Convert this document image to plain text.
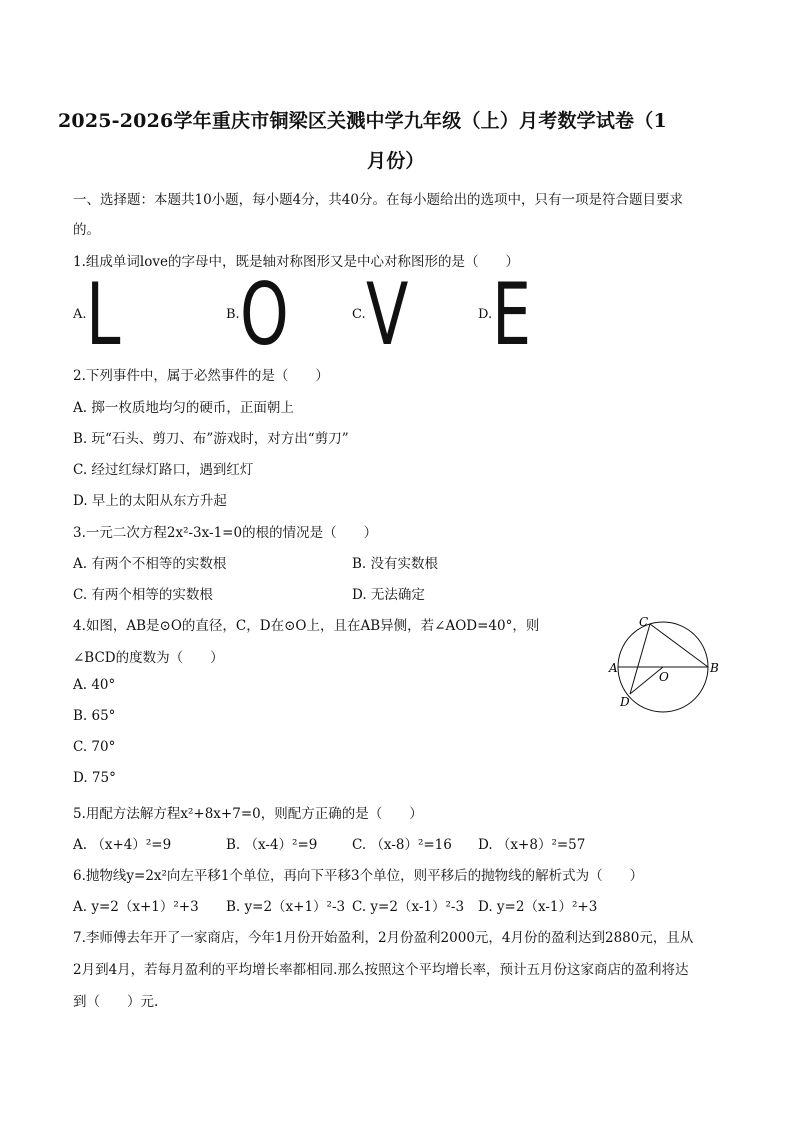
2025-2026学年重庆市铜梁区关溅中学九年级（上）月考数学试卷（1
月份）
一、选择题：本题共10小题，每小题4分，共40分。在每小题给出的选项中，只有一项是符合题目要求
的。
1.组成单词love的字母中，既是轴对称图形又是中心对称图形的是（　　）
A. L	B. O	C. V	D. E
2.下列事件中，属于必然事件的是（　　）
A. 掷一枚质地均匀的硬币，正面朝上
B. 玩“石头、剪刀、布”游戏时，对方出“剪刀”
C. 经过红绿灯路口，遇到红灯
D. 早上的太阳从东方升起
3.一元二次方程2x²-3x-1=0的根的情况是（　　）
A. 有两个不相等的实数根	B. 没有实数根
C. 有两个相等的实数根	D. 无法确定
4.如图，AB是⊙O的直径，C，D在⊙O上，且在AB异侧，若∠AOD=40°，则
∠BCD的度数为（　　）
A. 40°
B. 65°
C. 70°
D. 75°
C
A	B
O
D
5.用配方法解方程x²+8x+7=0，则配方正确的是（　　）
A. （x+4）²=9	B. （x-4）²=9	C. （x-8）²=16 D. （x+8）²=57
6.抛物线y=2x²向左平移1个单位，再向下平移3个单位，则平移后的抛物线的解析式为（　　）
A. y=2（x+1）²+3 B. y=2（x+1）²-3 C. y=2（x-1）²-3 D. y=2（x-1）²+3
7.李师傅去年开了一家商店，今年1月份开始盈利，2月份盈利2000元，4月份的盈利达到2880元，且从
2月到4月，若每月盈利的平均增长率都相同.那么按照这个平均增长率，预计五月份这家商店的盈利将达
到（　　）元.
